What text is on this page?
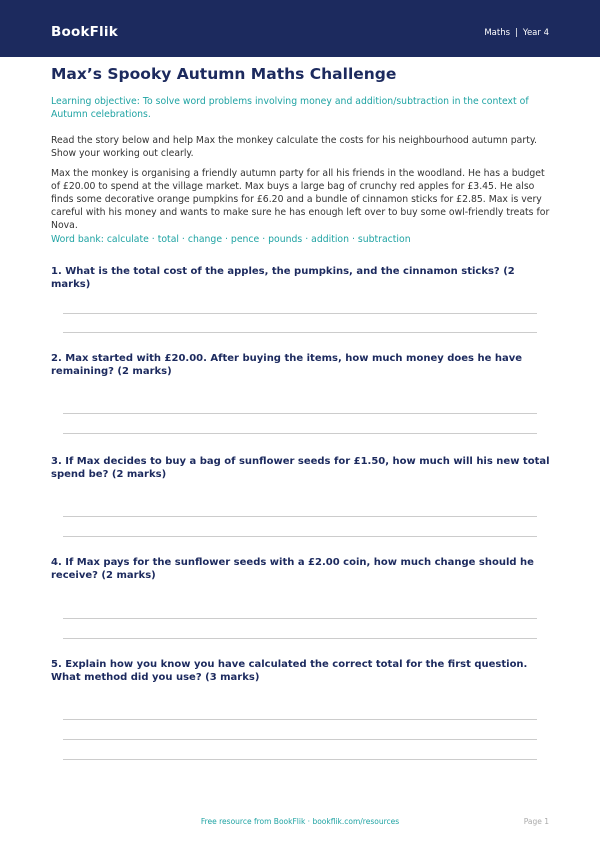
BookFlik	Maths | Year 4
Max’s Spooky Autumn Maths Challenge
Learning objective: To solve word problems involving money and addition/subtraction in the context of Autumn celebrations.
Read the story below and help Max the monkey calculate the costs for his neighbourhood autumn party. Show your working out clearly.
Max the monkey is organising a friendly autumn party for all his friends in the woodland. He has a budget of £20.00 to spend at the village market. Max buys a large bag of crunchy red apples for £3.45. He also finds some decorative orange pumpkins for £6.20 and a bundle of cinnamon sticks for £2.85. Max is very careful with his money and wants to make sure he has enough left over to buy some owl-friendly treats for Nova.
Word bank: calculate · total · change · pence · pounds · addition · subtraction
1. What is the total cost of the apples, the pumpkins, and the cinnamon sticks? (2 marks)
2. Max started with £20.00. After buying the items, how much money does he have remaining? (2 marks)
3. If Max decides to buy a bag of sunflower seeds for £1.50, how much will his new total spend be? (2 marks)
4. If Max pays for the sunflower seeds with a £2.00 coin, how much change should he receive? (2 marks)
5. Explain how you know you have calculated the correct total for the first question. What method did you use? (3 marks)
Free resource from BookFlik · bookflik.com/resources	Page 1
